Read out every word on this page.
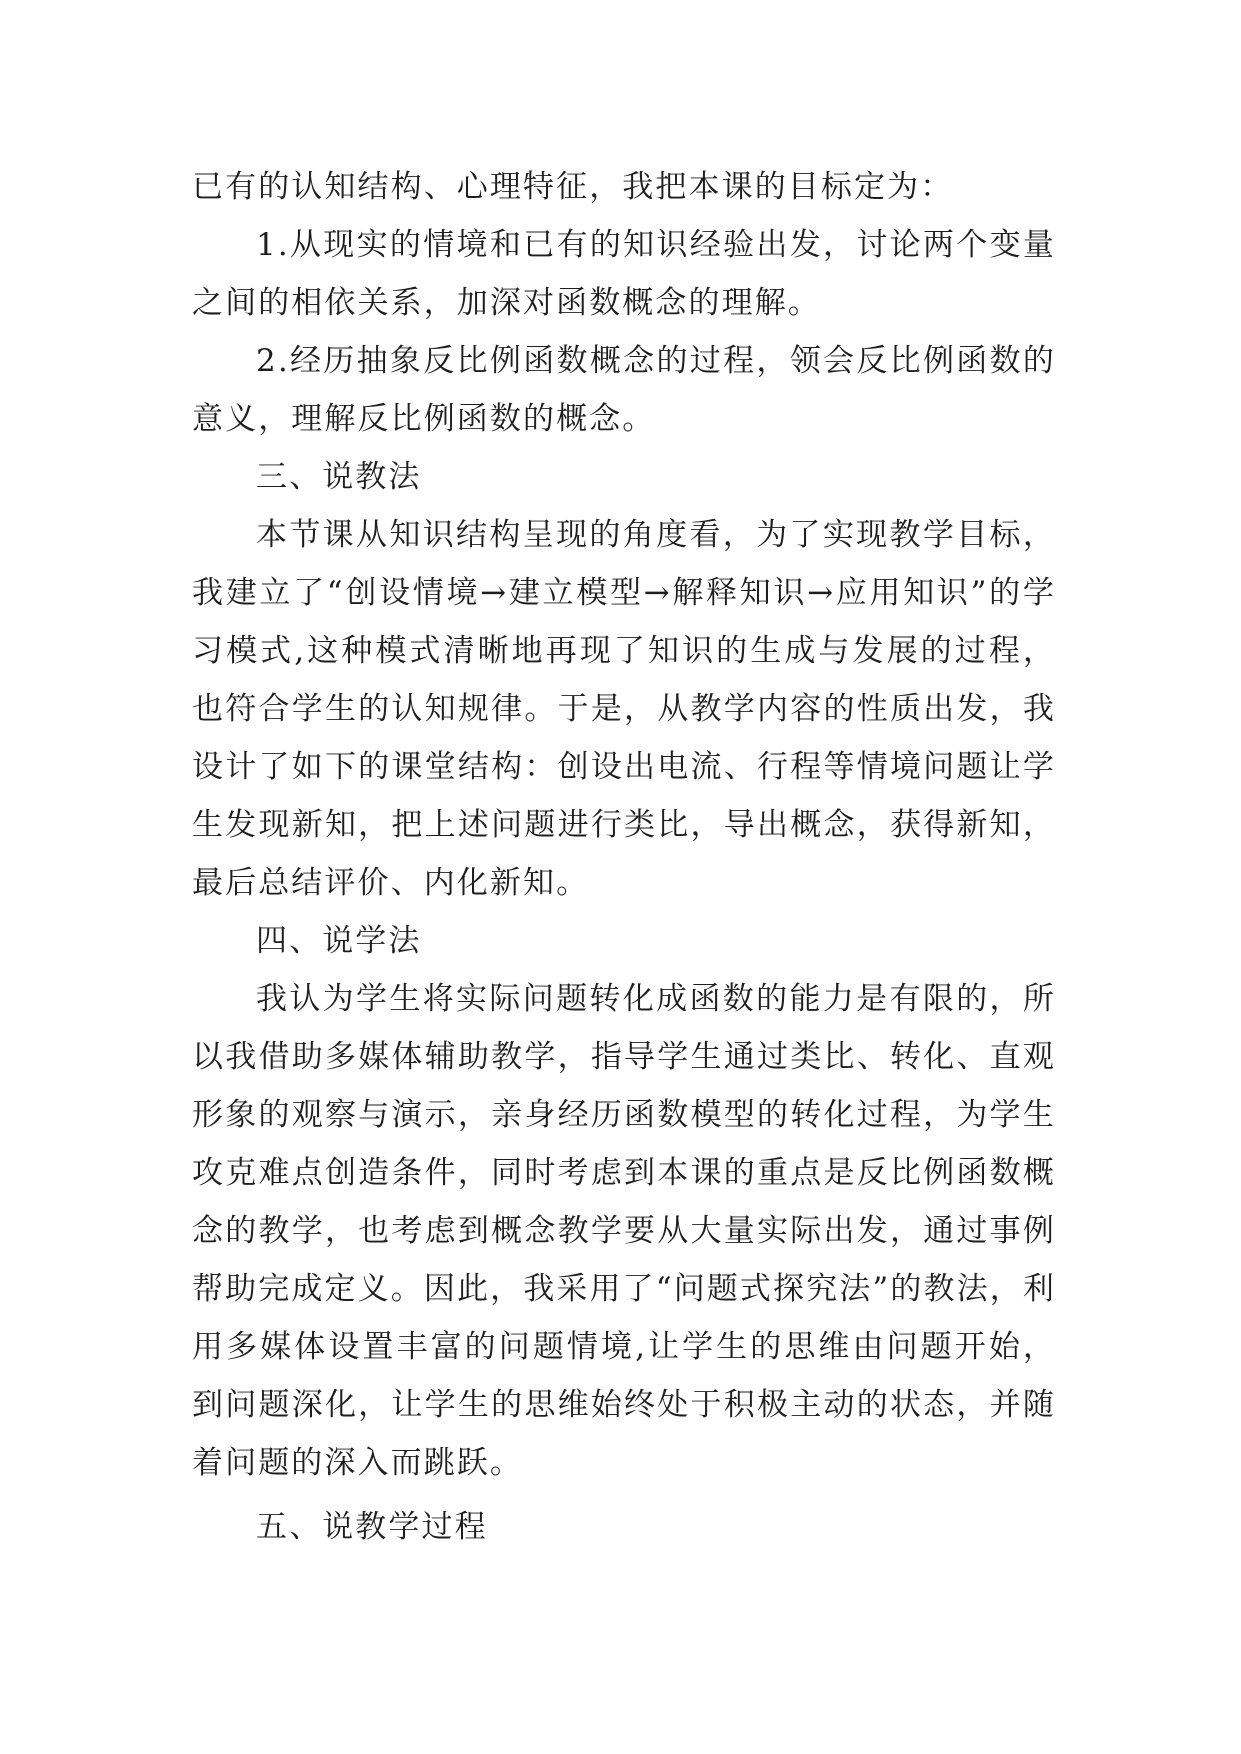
已有的认知结构、心理特征，我把本课的目标定为：

1.从现实的情境和已有的知识经验出发，讨论两个变量之间的相依关系，加深对函数概念的理解。

2.经历抽象反比例函数概念的过程，领会反比例函数的意义，理解反比例函数的概念。

三、说教法

本节课从知识结构呈现的角度看，为了实现教学目标，我建立了“创设情境→建立模型→解释知识→应用知识”的学习模式,这种模式清晰地再现了知识的生成与发展的过程，也符合学生的认知规律。于是，从教学内容的性质出发，我设计了如下的课堂结构：创设出电流、行程等情境问题让学生发现新知，把上述问题进行类比，导出概念，获得新知，最后总结评价、内化新知。

四、说学法

我认为学生将实际问题转化成函数的能力是有限的，所以我借助多媒体辅助教学，指导学生通过类比、转化、直观形象的观察与演示，亲身经历函数模型的转化过程，为学生攻克难点创造条件，同时考虑到本课的重点是反比例函数概念的教学，也考虑到概念教学要从大量实际出发，通过事例帮助完成定义。因此，我采用了“问题式探究法”的教法，利用多媒体设置丰富的问题情境,让学生的思维由问题开始，到问题深化，让学生的思维始终处于积极主动的状态，并随着问题的深入而跳跃。

五、说教学过程
